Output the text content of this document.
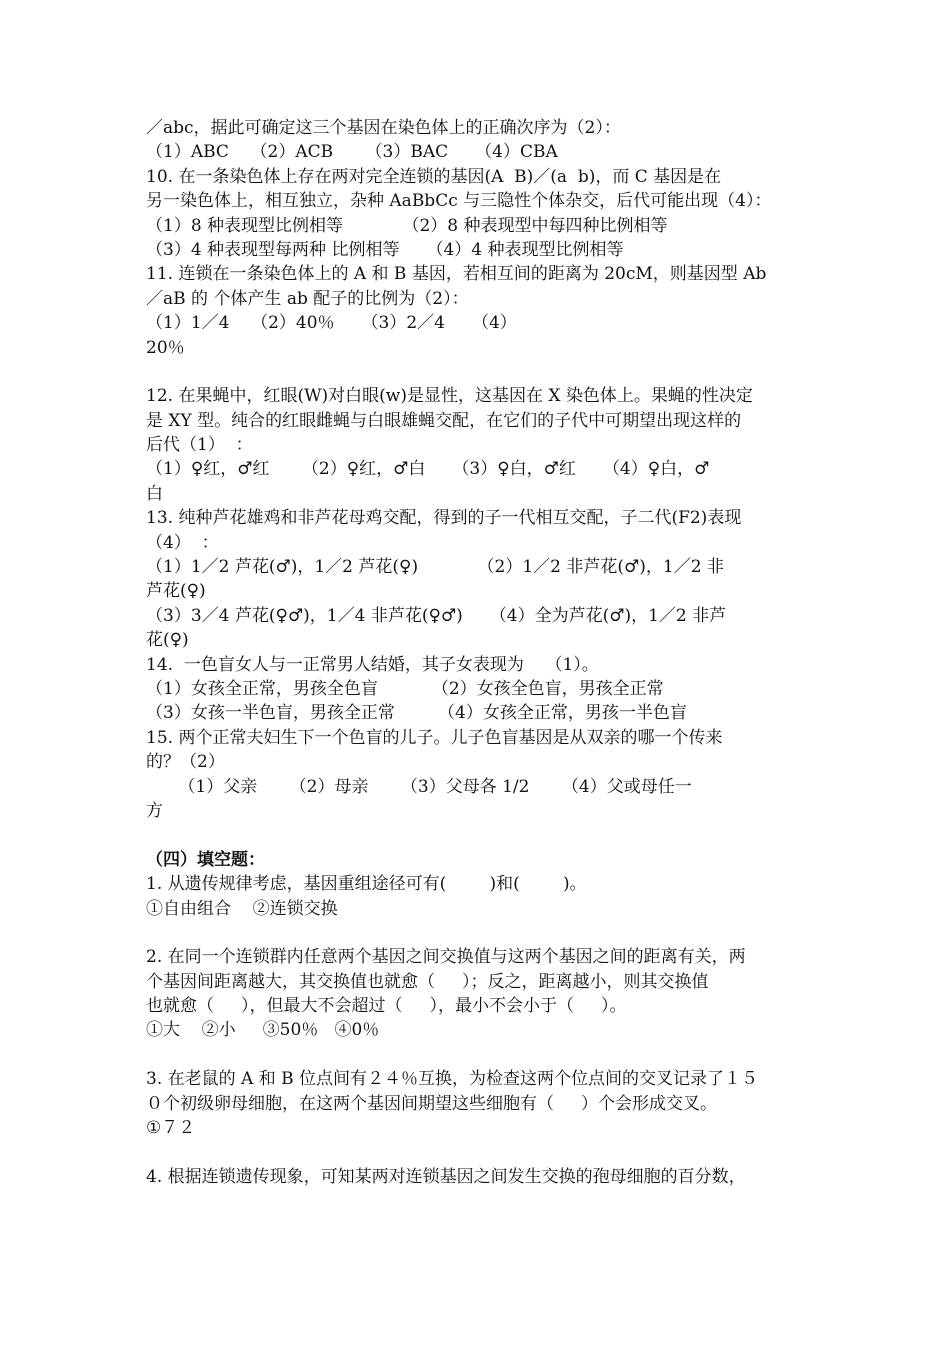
／abc，据此可确定这三个基因在染色体上的正确次序为（2）：
（1）ABC    （2）ACB      （3）BAC     （4）CBA
10. 在一条染色体上存在两对完全连锁的基因(A  B)／(a  b)，而 C 基因是在
另一染色体上，相互独立，杂种 AaBbCc 与三隐性个体杂交，后代可能出现（4）：
（1）8 种表现型比例相等           （2）8 种表现型中每四种比例相等
（3）4 种表现型每两种 比例相等     （4）4 种表现型比例相等
11. 连锁在一条染色体上的 A 和 B 基因，若相互间的距离为 20cM，则基因型 Ab
／aB 的 个体产生 ab 配子的比例为（2）：
（1）1／4    （2）40％     （3）2／4     （4）
20％
12. 在果蝇中，红眼(W)对白眼(w)是显性，这基因在 X 染色体上。果蝇的性决定
是 XY 型。纯合的红眼雌蝇与白眼雄蝇交配，在它们的子代中可期望出现这样的
后代（1）  ：
（1）♀红，♂红      （2）♀红，♂白     （3）♀白，♂红     （4）♀白，♂
白
13. 纯种芦花雄鸡和非芦花母鸡交配，得到的子一代相互交配，子二代(F2)表现
（4）  ：
（1）1／2 芦花(♂)，1／2 芦花(♀)           （2）1／2 非芦花(♂)，1／2 非
芦花(♀)
（3）3／4 芦花(♀♂)，1／4 非芦花(♀♂)     （4）全为芦花(♂)，1／2 非芦
花(♀)
14.  一色盲女人与一正常男人结婚，其子女表现为    （1）。
（1）女孩全正常，男孩全色盲          （2）女孩全色盲，男孩全正常
（3）女孩一半色盲，男孩全正常        （4）女孩全正常，男孩一半色盲
15. 两个正常夫妇生下一个色盲的儿子。儿子色盲基因是从双亲的哪一个传来
的？（2）
（1）父亲      （2）母亲      （3）父母各 1/2      （4）父或母任一
方
（四）填空题：
1. 从遗传规律考虑，基因重组途径可有(        )和(        )。
①自由组合    ②连锁交换
2. 在同一个连锁群内任意两个基因之间交换值与这两个基因之间的距离有关，两
个基因间距离越大，其交换值也就愈（     ）；反之，距离越小，则其交换值
也就愈（     ），但最大不会超过（     ），最小不会小于（     ）。
①大    ②小     ③50％   ④0％
3. 在老鼠的 A 和 B 位点间有２４％互换，为检查这两个位点间的交叉记录了１５
０个初级卵母细胞，在这两个基因间期望这些细胞有（     ）个会形成交叉。
①７２
4. 根据连锁遗传现象，可知某两对连锁基因之间发生交换的孢母细胞的百分数，
